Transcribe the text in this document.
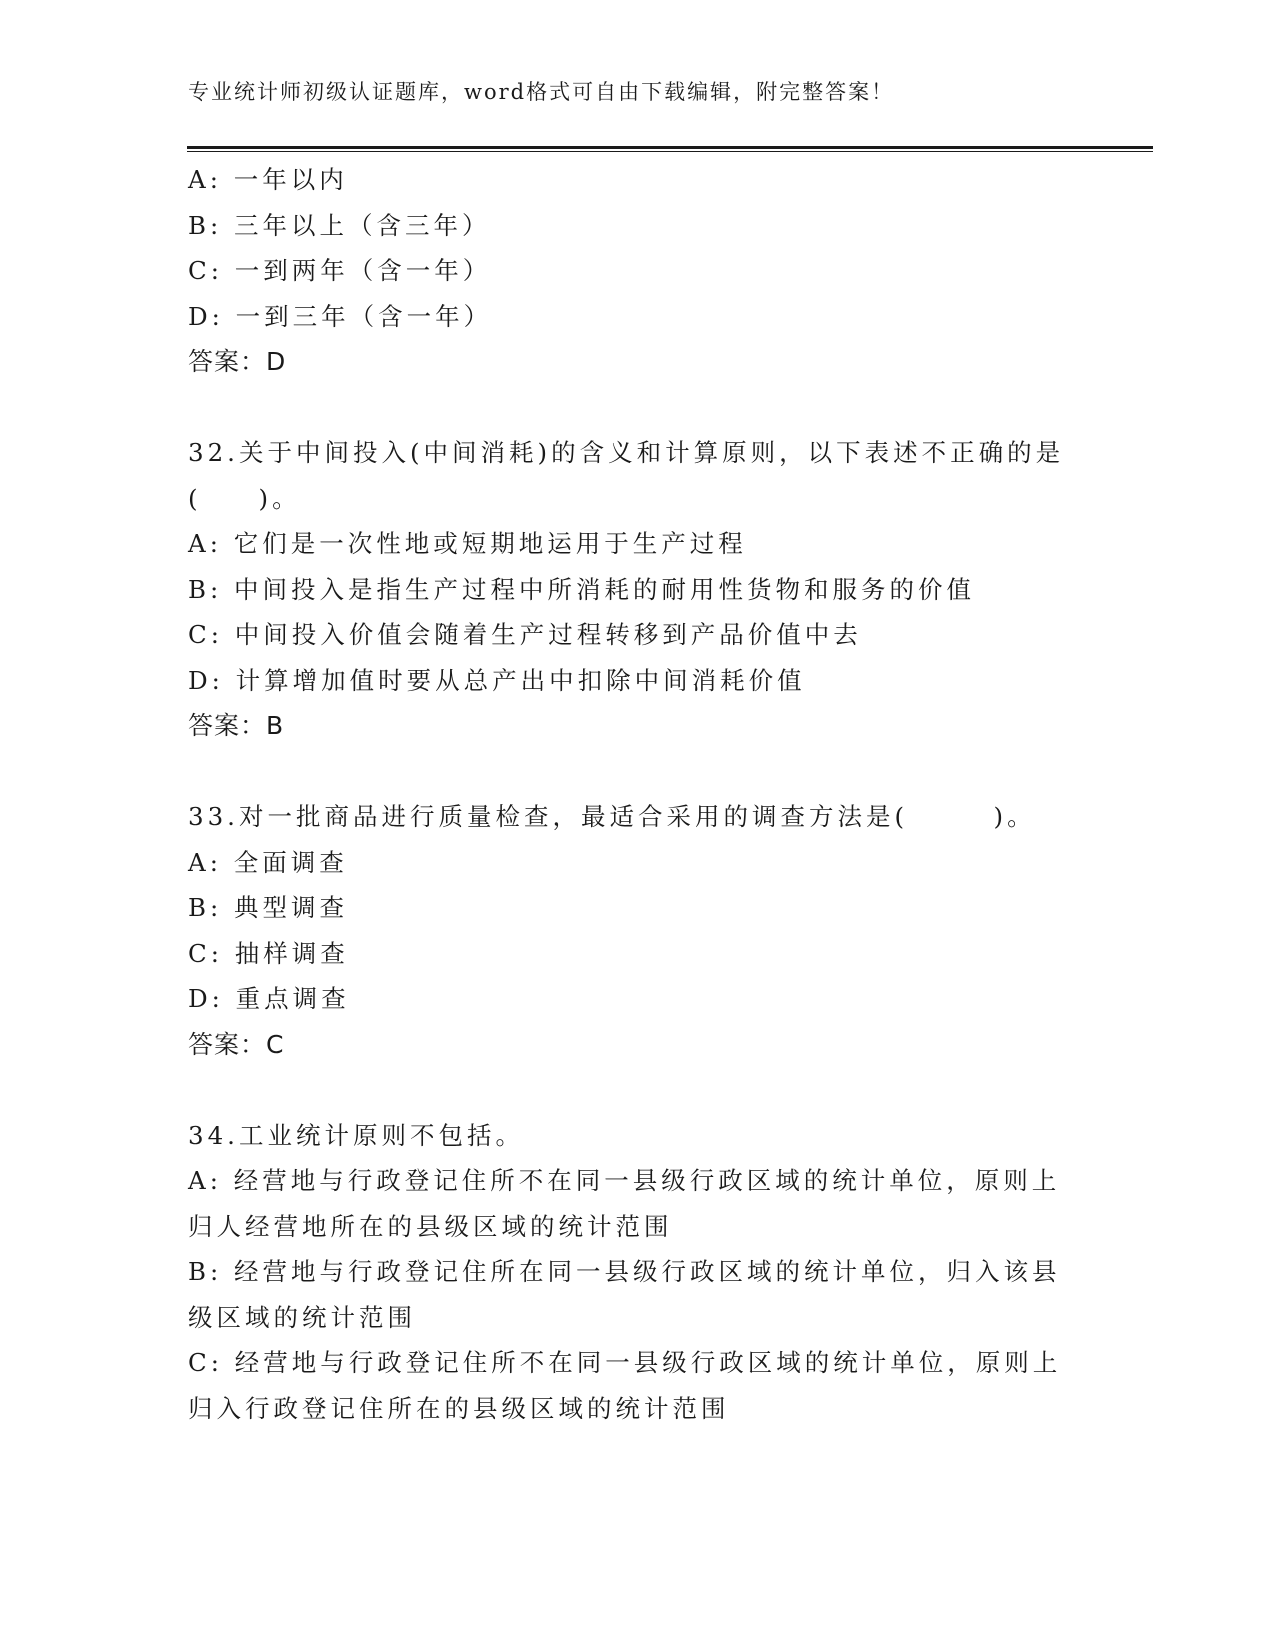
专业统计师初级认证题库，word格式可自由下载编辑，附完整答案！
A: 一年以内
B: 三年以上（含三年）
C: 一到两年（含一年）
D: 一到三年（含一年）
答案：D
32.关于中间投入(中间消耗)的含义和计算原则，以下表述不正确的是
(　　)。
A: 它们是一次性地或短期地运用于生产过程
B: 中间投入是指生产过程中所消耗的耐用性货物和服务的价值
C: 中间投入价值会随着生产过程转移到产品价值中去
D: 计算增加值时要从总产出中扣除中间消耗价值
答案：B
33.对一批商品进行质量检查，最适合采用的调查方法是(　　　)。
A: 全面调查
B: 典型调查
C: 抽样调查
D: 重点调查
答案：C
34.工业统计原则不包括。
A: 经营地与行政登记住所不在同一县级行政区域的统计单位，原则上
归人经营地所在的县级区域的统计范围
B: 经营地与行政登记住所在同一县级行政区域的统计单位，归入该县
级区域的统计范围
C: 经营地与行政登记住所不在同一县级行政区域的统计单位，原则上
归入行政登记住所在的县级区域的统计范围
